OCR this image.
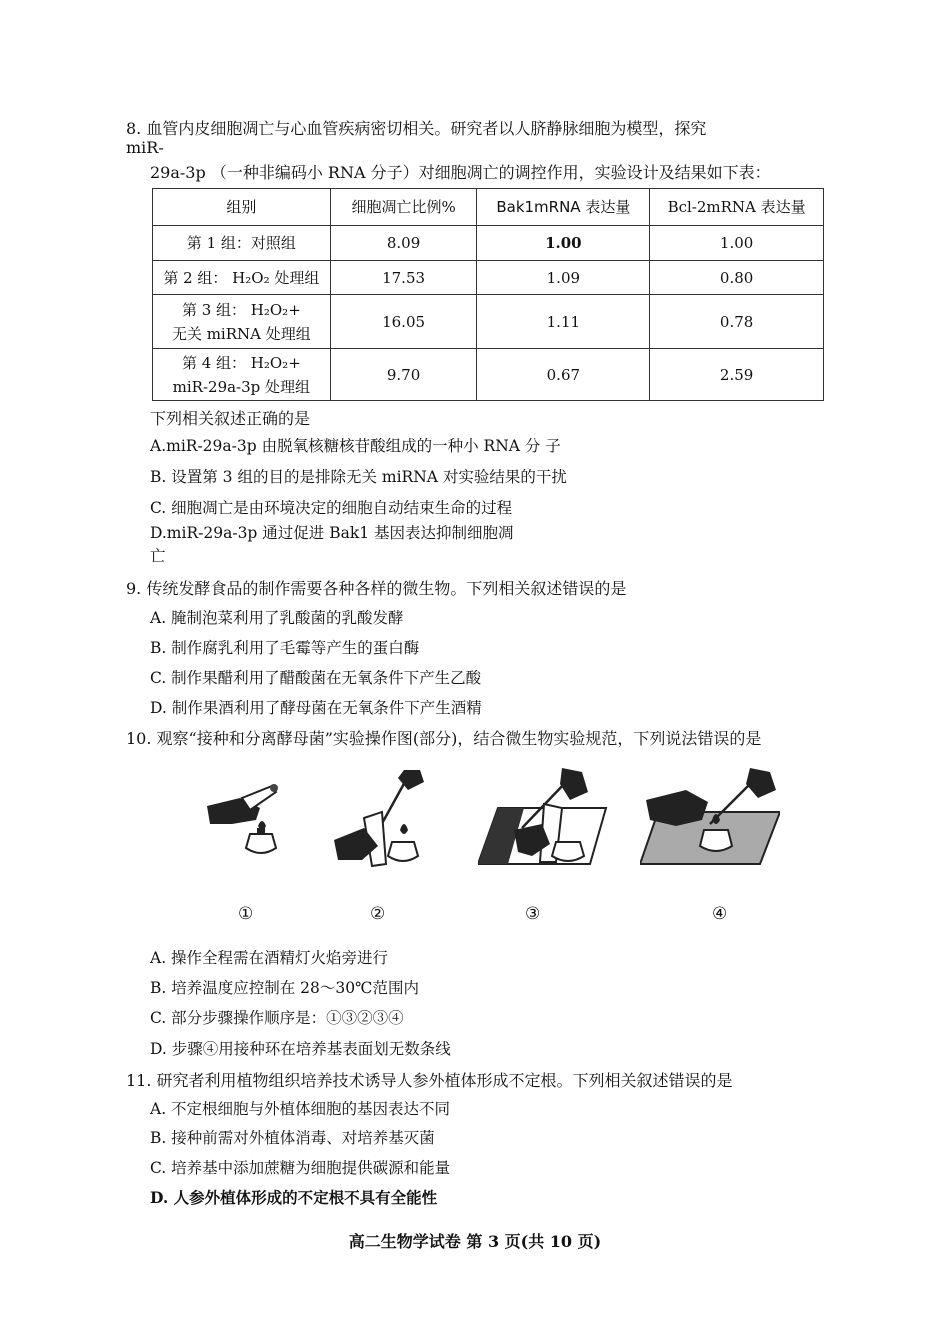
8. 血管内皮细胞凋亡与心血管疾病密切相关。研究者以人脐静脉细胞为模型，探究
miR-
29a-3p （一种非编码小 RNA 分子）对细胞凋亡的调控作用，实验设计及结果如下表：
组别	细胞凋亡比例%	Bak1mRNA 表达量	Bcl-2mRNA 表达量
第 1 组：对照组	8.09	1.00	1.00
第 2 组： H₂O₂ 处理组	17.53	1.09	0.80

第 3 组： H₂O₂+
无关 miRNA 处理组	16.05	1.11	0.78

第 4 组： H₂O₂+
miR-29a-3p 处理组	9.70	0.67	2.59
下列相关叙述正确的是
A.miR-29a-3p 由脱氧核糖核苷酸组成的一种小 RNA 分 子
B. 设置第 3 组的目的是排除无关 miRNA 对实验结果的干扰
C. 细胞凋亡是由环境决定的细胞自动结束生命的过程
D.miR-29a-3p 通过促进 Bak1 基因表达抑制细胞凋
亡
9. 传统发酵食品的制作需要各种各样的微生物。下列相关叙述错误的是
A. 腌制泡菜利用了乳酸菌的乳酸发酵
B. 制作腐乳利用了毛霉等产生的蛋白酶
C. 制作果醋利用了醋酸菌在无氧条件下产生乙酸
D. 制作果酒利用了酵母菌在无氧条件下产生酒精
10. 观察“接种和分离酵母菌”实验操作图(部分)，结合微生物实验规范，下列说法错误的是
①	②	③	④
A. 操作全程需在酒精灯火焰旁进行
B. 培养温度应控制在 28～30℃范围内
C. 部分步骤操作顺序是：①③②③④
D. 步骤④用接种环在培养基表面划无数条线
11. 研究者利用植物组织培养技术诱导人参外植体形成不定根。下列相关叙述错误的是
A. 不定根细胞与外植体细胞的基因表达不同
B. 接种前需对外植体消毒、对培养基灭菌
C. 培养基中添加蔗糖为细胞提供碳源和能量
D. 人参外植体形成的不定根不具有全能性
高二生物学试卷 第 3 页(共 10 页)
